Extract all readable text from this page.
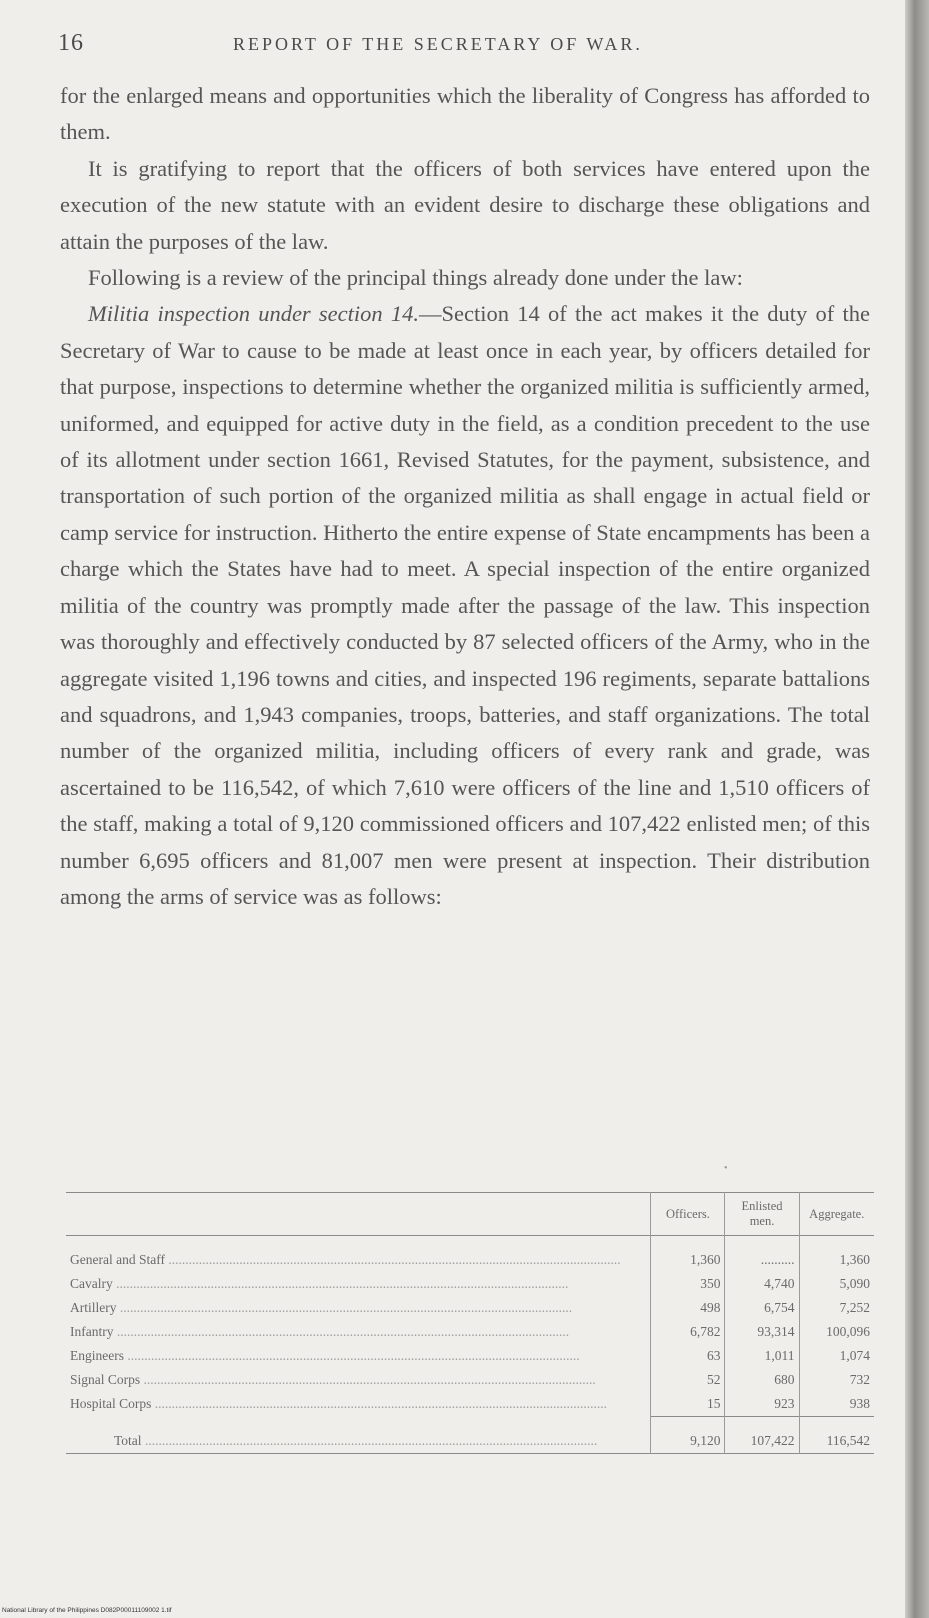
16	REPORT OF THE SECRETARY OF WAR.

for the enlarged means and opportunities which the liberality of Congress has afforded to them.

It is gratifying to report that the officers of both services have entered upon the execution of the new statute with an evident desire to discharge these obligations and attain the purposes of the law.

Following is a review of the principal things already done under the law:

Militia inspection under section 14.—Section 14 of the act makes it the duty of the Secretary of War to cause to be made at least once in each year, by officers detailed for that purpose, inspections to determine whether the organized militia is sufficiently armed, uniformed, and equipped for active duty in the field, as a condition precedent to the use of its allotment under section 1661, Revised Statutes, for the payment, subsistence, and transportation of such portion of the organized militia as shall engage in actual field or camp service for instruction. Hitherto the entire expense of State encampments has been a charge which the States have had to meet. A special inspection of the entire organized militia of the country was promptly made after the passage of the law. This inspection was thoroughly and effectively conducted by 87 selected officers of the Army, who in the aggregate visited 1,196 towns and cities, and inspected 196 regiments, separate battalions and squadrons, and 1,943 companies, troops, batteries, and staff organizations. The total number of the organized militia, including officers of every rank and grade, was ascertained to be 116,542, of which 7,610 were officers of the line and 1,510 officers of the staff, making a total of 9,120 commissioned officers and 107,422 enlisted men; of this number 6,695 officers and 81,007 men were present at inspection. Their distribution among the arms of service was as follows:

•
	Officers.	Enlisted men.	Aggregate.
General and Staff .....	1,360	..........	1,360
Cavalry .....	350	4,740	5,090
Artillery .....	498	6,754	7,252
Infantry .....	6,782	93,314	100,096
Engineers .....	63	1,011	1,074
Signal Corps .....	52	680	732
Hospital Corps .....	15	923	938
Total .....	9,120	107,422	116,542
National Library of the Philippines D082P00011109002 1.tif
